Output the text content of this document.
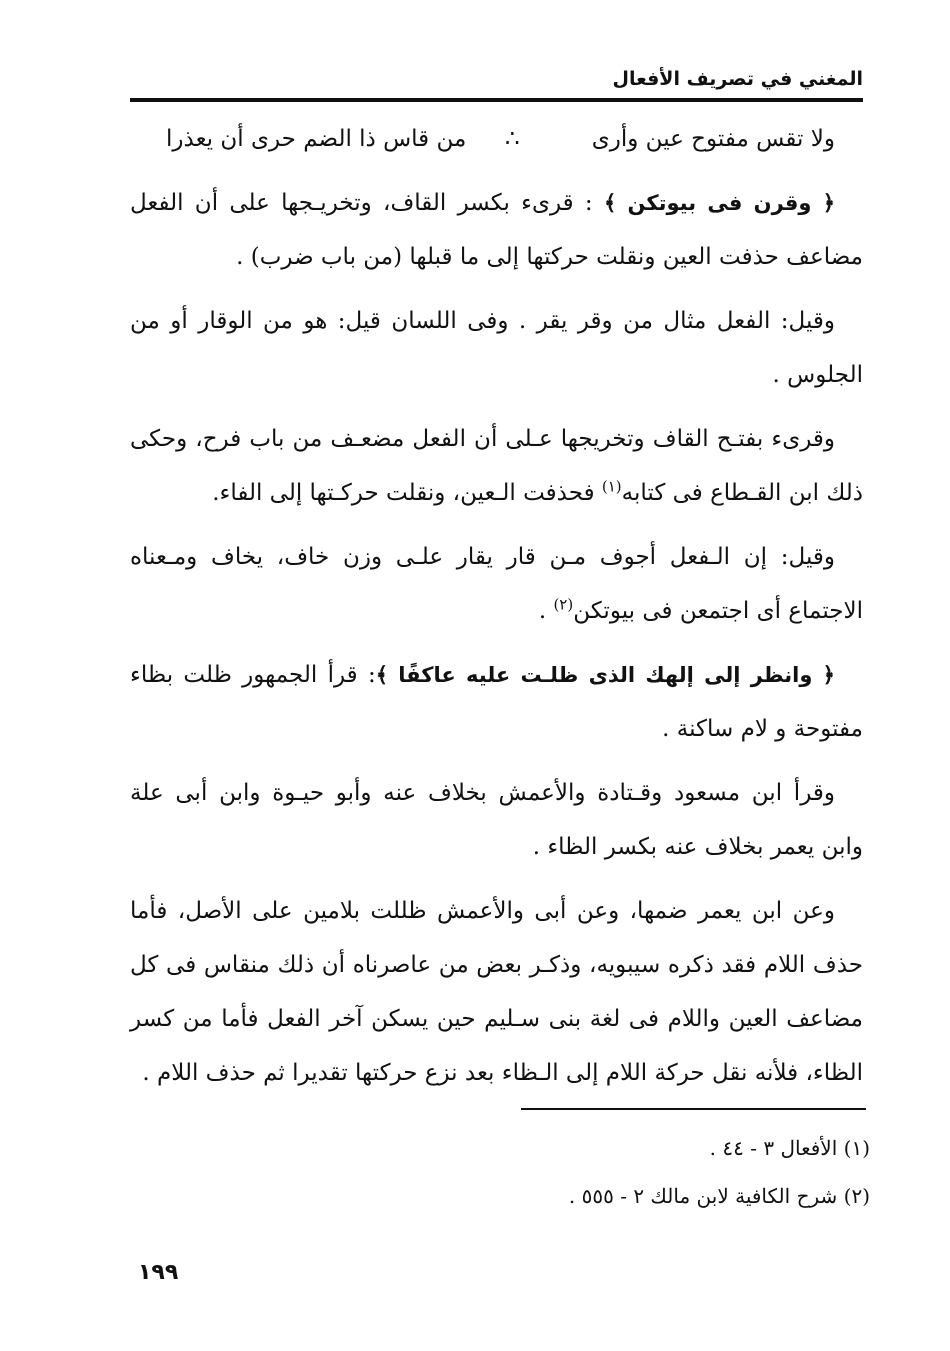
المغني في تصريف الأفعال
ولا تقس مفتوح عين وأرى
∴
من قاس ذا الضم حرى أن يعذرا

﴿ وقرن فى بيوتكن ﴾ : قرىء بكسر القاف، وتخريـجها على أن الفعل مضاعف حذفت العين ونقلت حركتها إلى ما قبلها (من باب ضرب) .

وقيل: الفعل مثال من وقر يقر . وفى اللسان قيل: هو من الوقار أو من الجلوس .

وقرىء بفتـح القاف وتخريجها عـلى أن الفعل مضعـف من باب فرح، وحكى ذلك ابن القـطاع فى كتابه$^{(١)}$ فحذفت الـعين، ونقلت حركـتها إلى الفاء.

وقيل: إن الـفعل أجوف مـن قار يقار علـى وزن خاف، يخاف ومـعناه الاجتماع أى اجتمعن فى بيوتكن$^{(٢)}$ .

﴿ وانظر إلى إلهك الذى ظلـت عليه عاكفًا ﴾: قرأ الجمهور ظلت بظاء مفتوحة و لام ساكنة .

وقرأ ابن مسعود وقـتادة والأعمش بخلاف عنه وأبو حيـوة وابن أبى علة وابن يعمر بخلاف عنه بكسر الظاء .

وعن ابن يعمر ضمها، وعن أبى والأعمش ظللت بلامين على الأصل، فأما حذف اللام فقد ذكره سيبويه، وذكـر بعض من عاصرناه أن ذلك منقاس فى كل مضاعف العين واللام فى لغة بنى سـليم حين يسكن آخر الفعل فأما من كسر الظاء، فلأنه نقل حركة اللام إلى الـظاء بعد نزع حركتها تقديرا ثم حذف اللام .

(١) الأفعال ٣ - ٤٤ .

(٢) شرح الكافية لابن مالك ٢ - ٥٥٥ .

١٩٩
